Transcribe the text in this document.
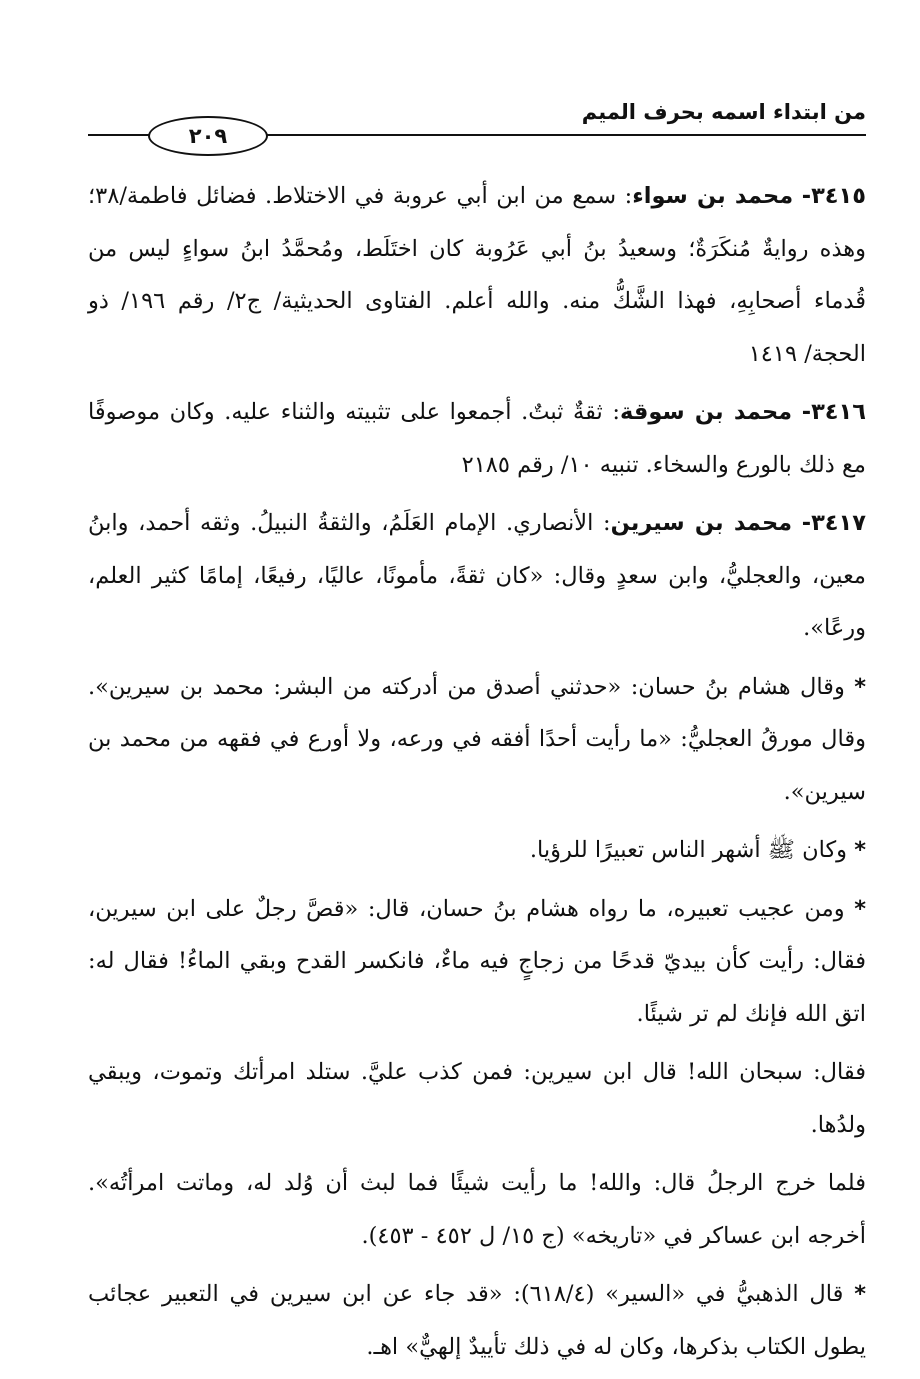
من ابتداء اسمه بحرف الميم
٢٠٩

٣٤١٥- محمد بن سواء: سمع من ابن أبي عروبة في الاختلاط. فضائل فاطمة/٣٨؛ وهذه روايةٌ مُنكَرَةٌ؛ وسعيدُ بنُ أبي عَرُوبة كان اختَلَط، ومُحمَّدُ ابنُ سواءٍ ليس من قُدماء أصحابِهِ، فهذا الشَّكُّ منه. والله أعلم. الفتاوى الحديثية/ ج٢/ رقم ١٩٦/ ذو الحجة/ ١٤١٩

٣٤١٦- محمد بن سوقة: ثقةٌ ثبتٌ. أجمعوا على تثبيته والثناء عليه. وكان موصوفًا مع ذلك بالورع والسخاء. تنبيه ١٠/ رقم ٢١٨٥

٣٤١٧- محمد بن سيرين: الأنصاري. الإمام العَلَمُ، والثقةُ النبيلُ. وثقه أحمد، وابنُ معين، والعجليُّ، وابن سعدٍ وقال: «كان ثقةً، مأمونًا، عاليًا، رفيعًا، إمامًا كثير العلم، ورعًا».

* وقال هشام بنُ حسان: «حدثني أصدق من أدركته من البشر: محمد بن سيرين». وقال مورقُ العجليُّ: «ما رأيت أحدًا أفقه في ورعه، ولا أورع في فقهه من محمد بن سيرين».

* وكان ﷺ أشهر الناس تعبيرًا للرؤيا.

* ومن عجيب تعبيره، ما رواه هشام بنُ حسان، قال: «قصَّ رجلٌ على ابن سيرين، فقال: رأيت كأن بيديّ قدحًا من زجاجٍ فيه ماءٌ، فانكسر القدح وبقي الماءُ! فقال له: اتق الله فإنك لم تر شيئًا.

فقال: سبحان الله! قال ابن سيرين: فمن كذب عليَّ. ستلد امرأتك وتموت، ويبقي ولدُها.

فلما خرج الرجلُ قال: والله! ما رأيت شيئًا فما لبث أن وُلد له، وماتت امرأتُه». أخرجه ابن عساكر في «تاريخه» (ج ١٥/ ل ٤٥٢ - ٤٥٣).

* قال الذهبيُّ في «السير» (٦١٨/٤): «قد جاء عن ابن سيرين في التعبير عجائب يطول الكتاب بذكرها، وكان له في ذلك تأييدٌ إلهيٌّ» اهـ.
